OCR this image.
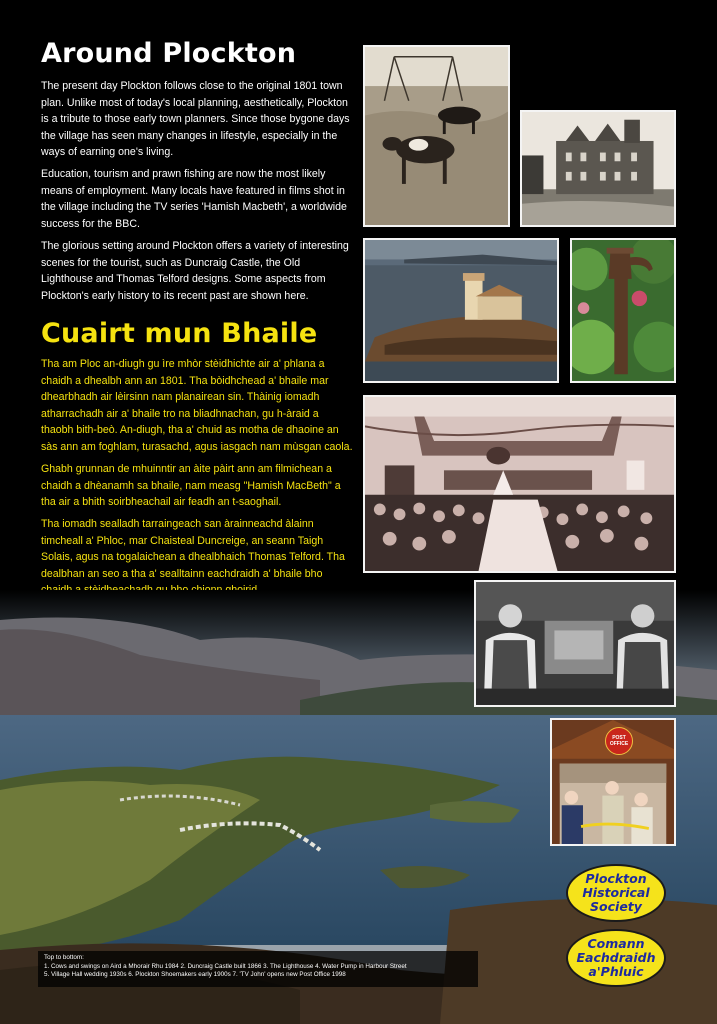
Around Plockton

The present day Plockton follows close to the original 1801 town plan. Unlike most of today's local planning, aesthetically, Plockton is a tribute to those early town planners. Since those bygone days the village has seen many changes in lifestyle, especially in the ways of earning one's living.

Education, tourism and prawn fishing are now the most likely means of employment. Many locals have featured in films shot in the village including the TV series 'Hamish Macbeth', a worldwide success for the BBC.

The glorious setting around Plockton offers a variety of interesting scenes for the tourist, such as Duncraig Castle, the Old Lighthouse and Thomas Telford designs. Some aspects from Plockton's early history to its recent past are shown here.

Cuairt mun Bhaile

Tha am Ploc an-diugh gu ìre mhòr stèidhichte air a' phlana a chaidh a dhealbh ann an 1801. Tha bòidhchead a' bhaile mar dhearbhadh air lèirsinn nam planairean sin. Thàinig iomadh atharrachadh air a' bhaile tro na bliadhnachan, gu h-àraid a thaobh bith-beò. An-diugh, tha a' chuid as motha de dhaoine an sàs ann am foghlam, turasachd, agus iasgach nam mùsgan caola.

Ghabh grunnan de mhuinntir an àite pàirt ann am filmichean a chaidh a dhèanamh sa bhaile, nam measg "Hamish MacBeth" a tha air a bhith soirbheachail air feadh an t-saoghail.

Tha iomadh sealladh tarraingeach san àrainneachd àlainn timcheall a' Phloc, mar Chaisteal Duncreige, an seann Taigh Solais, agus na togalaichean a dhealbhaich Thomas Telford. Tha dealbhan an seo a tha a' sealltainn eachdraidh a' bhaile bho

POST
OFFICE
Plockton
Historical
Society
Comann
Eachdraidh
a'Phluic
Top to bottom:
1. Cows and swings on Aird a Mhorair Rhu 1984 2. Duncraig Castle built 1866 3. The Lighthouse 4. Water Pump in Harbour Street
5. Village Hall wedding 1930s 6. Plockton Shoemakers early 1900s 7. 'TV John' opens new Post Office 1998
